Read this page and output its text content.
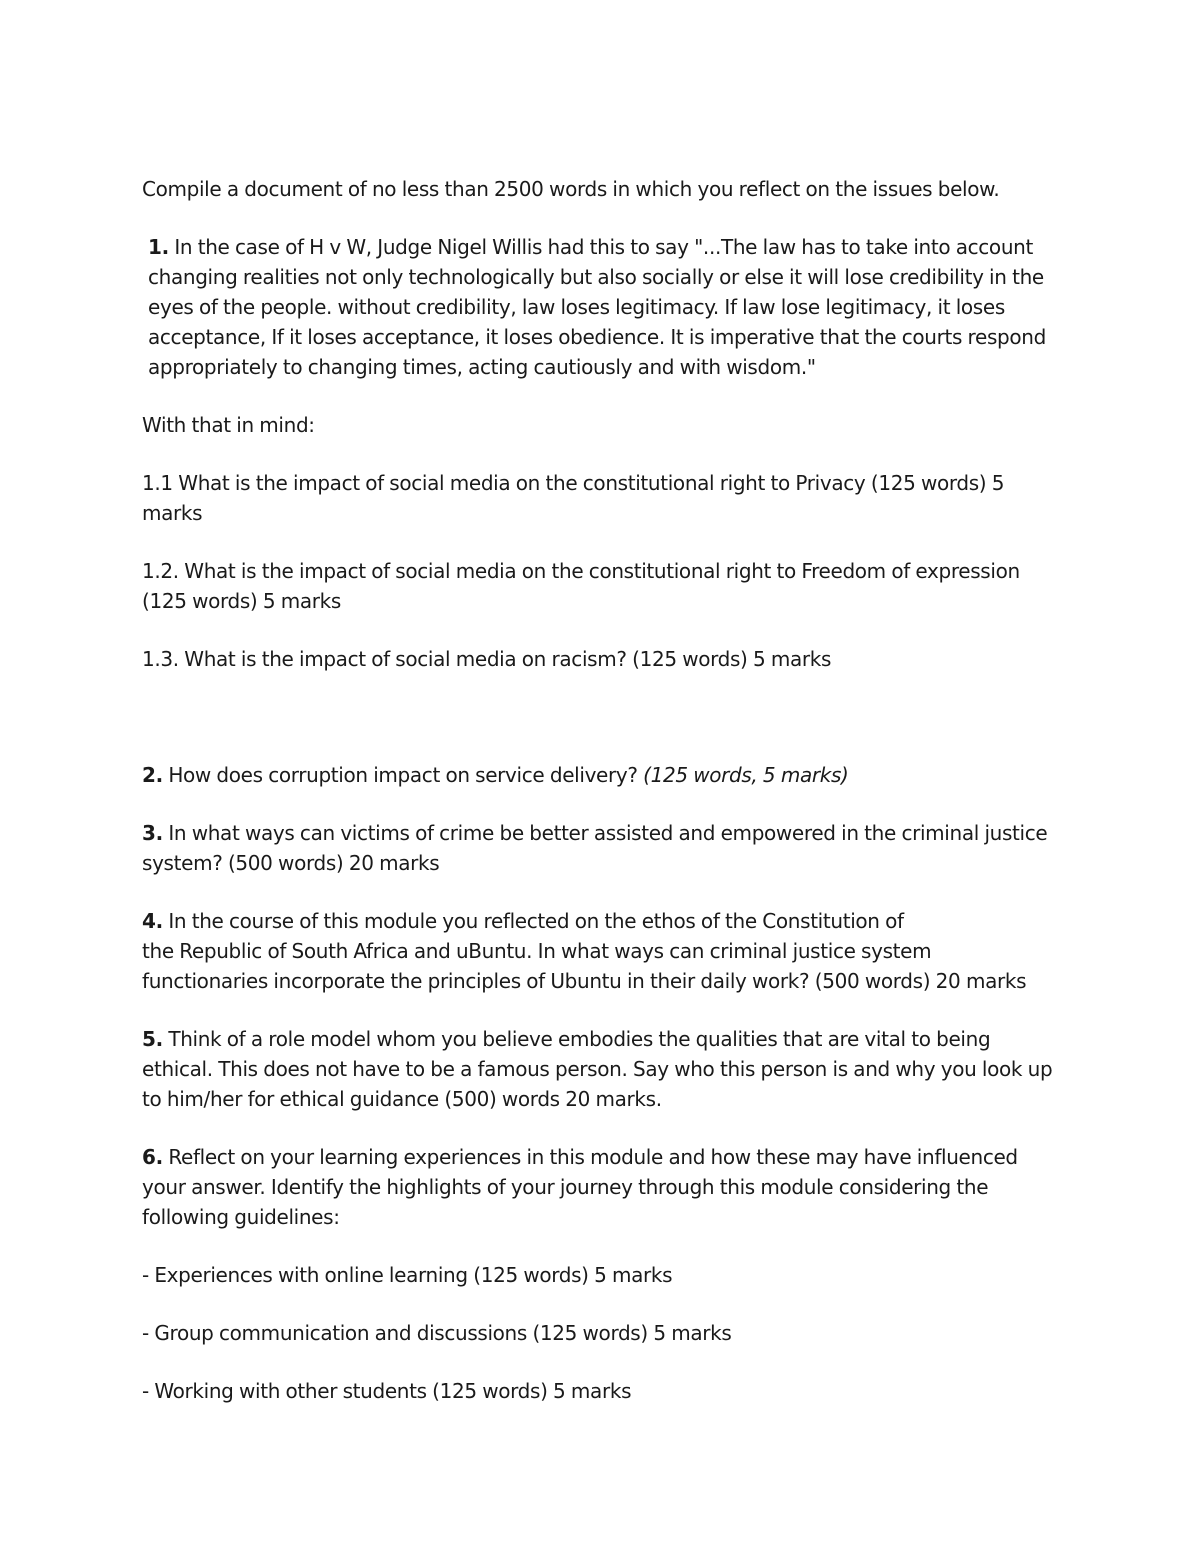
Compile a document of no less than 2500 words in which you reflect on the issues below.

1. In the case of H v W, Judge Nigel Willis had this to say "...The law has to take into account changing realities not only technologically but also socially or else it will lose credibility in the eyes of the people. without credibility, law loses legitimacy. If law lose legitimacy, it loses acceptance, If it loses acceptance, it loses obedience. It is imperative that the courts respond appropriately to changing times, acting cautiously and with wisdom."

With that in mind:

1.1 What is the impact of social media on the constitutional right to Privacy (125 words) 5 marks

1.2. What is the impact of social media on the constitutional right to Freedom of expression (125 words) 5 marks

1.3. What is the impact of social media on racism? (125 words) 5 marks

2. How does corruption impact on service delivery? (125 words, 5 marks)

3. In what ways can victims of crime be better assisted and empowered in the criminal justice system? (500 words) 20 marks

4. In the course of this module you reflected on the ethos of the Constitution of
the Republic of South Africa and uBuntu. In what ways can criminal justice system functionaries incorporate the principles of Ubuntu in their daily work? (500 words) 20 marks

5. Think of a role model whom you believe embodies the qualities that are vital to being ethical. This does not have to be a famous person. Say who this person is and why you look up to him/her for ethical guidance (500) words 20 marks.

6. Reflect on your learning experiences in this module and how these may have influenced your answer. Identify the highlights of your journey through this module considering the following guidelines:

- Experiences with online learning (125 words) 5 marks

- Group communication and discussions (125 words) 5 marks

- Working with other students (125 words) 5 marks
